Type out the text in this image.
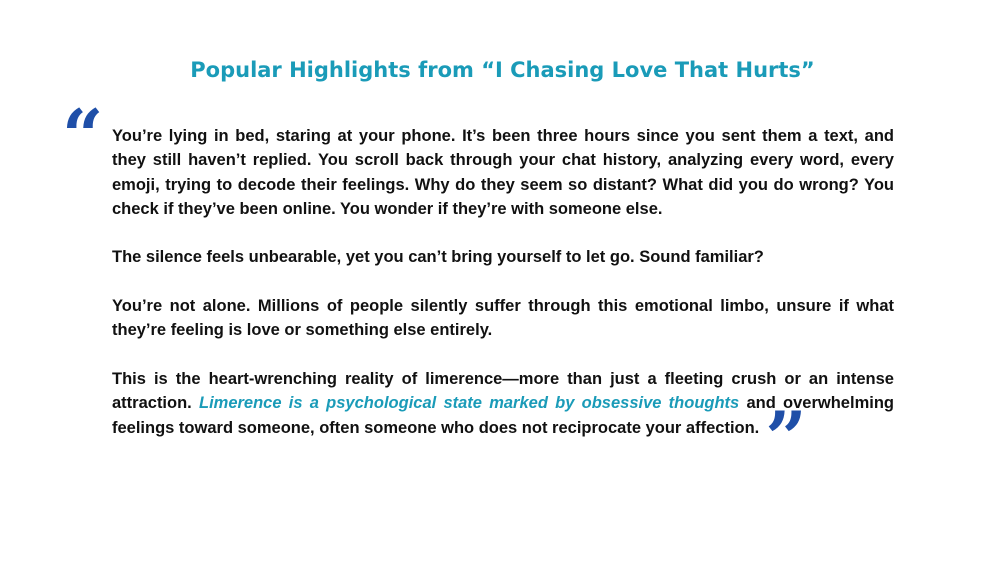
Popular Highlights from “I Chasing Love That Hurts”
“ You’re lying in bed, staring at your phone. It’s been three hours since you sent them a text, and they still haven’t replied. You scroll back through your chat history, analyzing every word, every emoji, trying to decode their feelings. Why do they seem so distant? What did you do wrong? You check if they’ve been online. You wonder if they’re with someone else.

The silence feels unbearable, yet you can’t bring yourself to let go. Sound familiar?

You’re not alone. Millions of people silently suffer through this emotional limbo, unsure if what they’re feeling is love or something else entirely.

This is the heart-wrenching reality of limerence—more than just a fleeting crush or an intense attraction. Limerence is a psychological state marked by obsessive thoughts and overwhelming feelings toward someone, often someone who does not reciprocate your affection.”
